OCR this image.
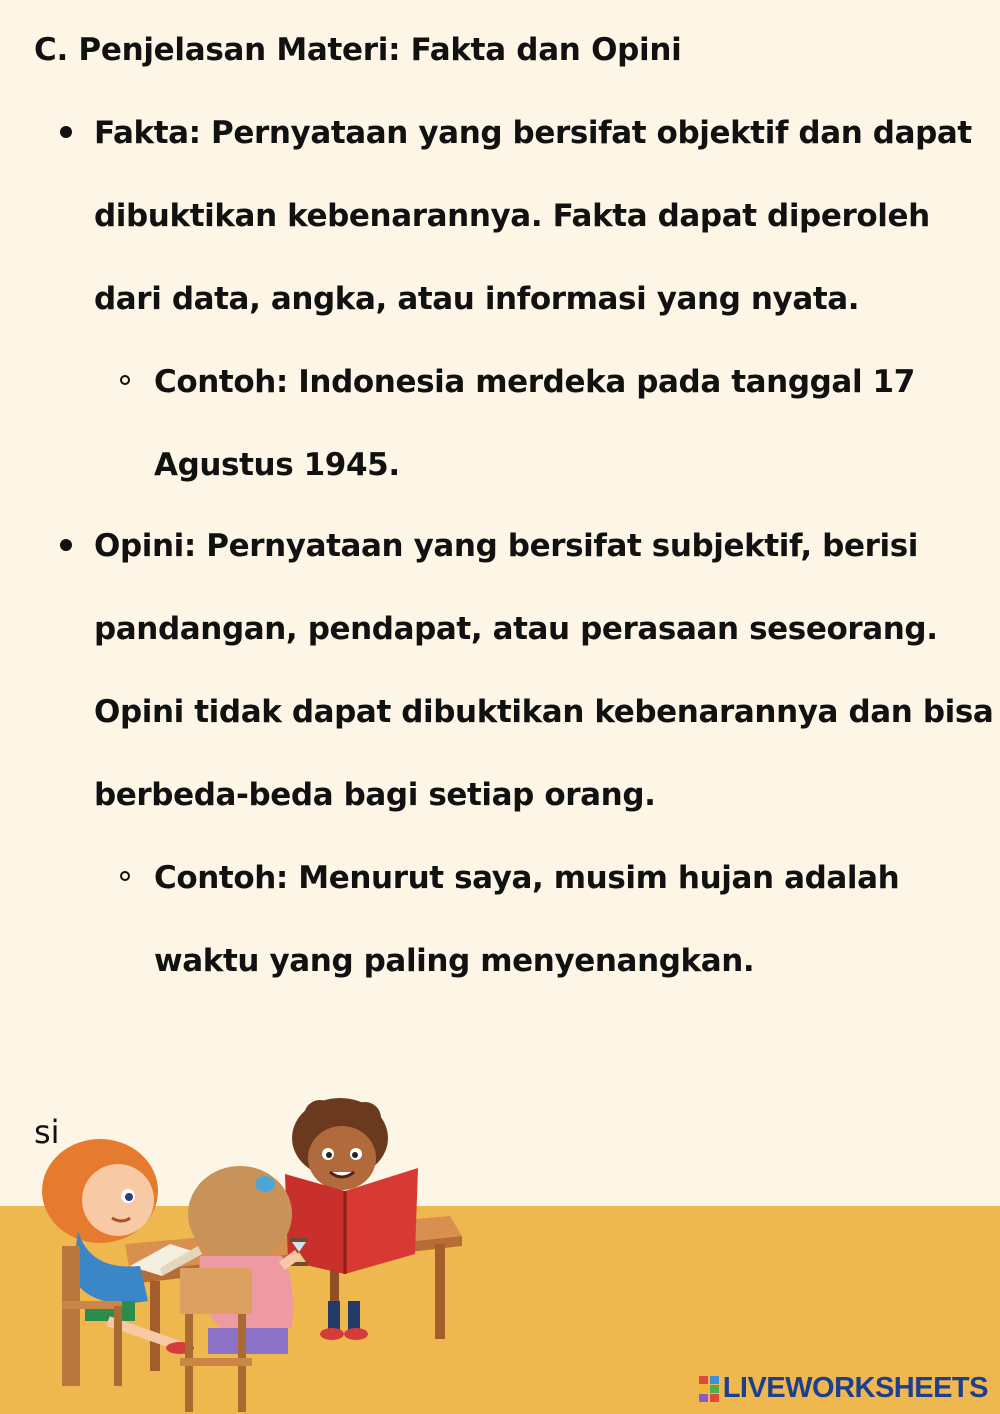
C. Penjelasan Materi: Fakta dan Opini
Fakta: Pernyataan yang bersifat objektif dan dapat dibuktikan kebenarannya. Fakta dapat diperoleh dari data, angka, atau informasi yang nyata.
Contoh: Indonesia merdeka pada tanggal 17 Agustus 1945.
Opini: Pernyataan yang bersifat subjektif, berisi pandangan, pendapat, atau perasaan seseorang. Opini tidak dapat dibuktikan kebenarannya dan bisa berbeda-beda bagi setiap orang.
Contoh: Menurut saya, musim hujan adalah waktu yang paling menyenangkan.
si
LIVEWORKSHEETS
